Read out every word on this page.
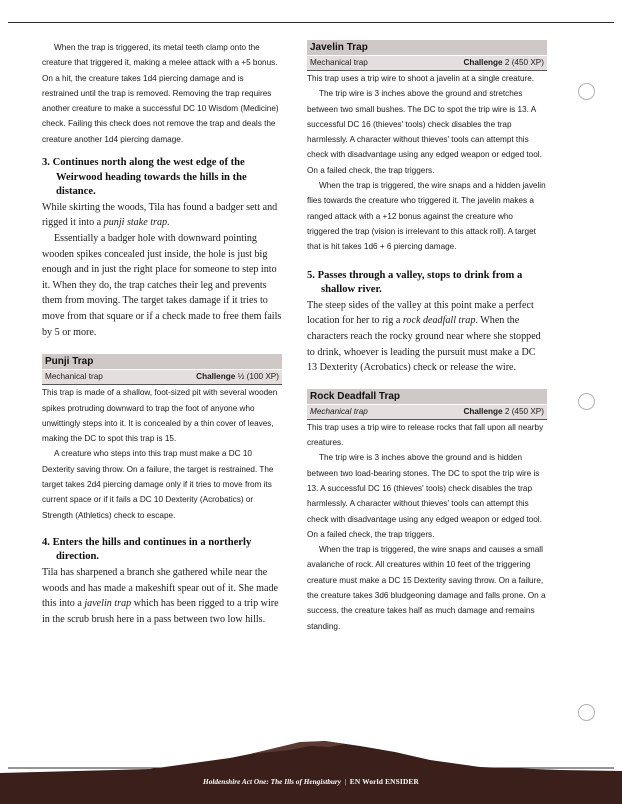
When the trap is triggered, its metal teeth clamp onto the creature that triggered it, making a melee attack with a +5 bonus. On a hit, the creature takes 1d4 piercing damage and is restrained until the trap is removed. Removing the trap requires another creature to make a successful DC 10 Wisdom (Medicine) check. Failing this check does not remove the trap and deals the creature another 1d4 piercing damage.

3. Continues north along the west edge of the Weirwood heading towards the hills in the distance.

While skirting the woods, Tila has found a badger sett and rigged it into a punji stake trap.

Essentially a badger hole with downward pointing wooden spikes concealed just inside, the hole is just big enough and in just the right place for someone to step into it. When they do, the trap catches their leg and prevents them from moving. The target takes damage if it tries to move from that square or if a check made to free them fails by 5 or more.

Punji Trap
Mechanical trap	Challenge ½ (100 XP)

This trap is made of a shallow, foot-sized pit with several wooden spikes protruding downward to trap the foot of anyone who unwittingly steps into it. It is concealed by a thin cover of leaves, making the DC to spot this trap is 15.

A creature who steps into this trap must make a DC 10 Dexterity saving throw. On a failure, the target is restrained. The target takes 2d4 piercing damage only if it tries to move from its current space or if it fails a DC 10 Dexterity (Acrobatics) or Strength (Athletics) check to escape.

4. Enters the hills and continues in a northerly direction.

Tila has sharpened a branch she gathered while near the woods and has made a makeshift spear out of it. She made this into a javelin trap which has been rigged to a trip wire in the scrub brush here in a pass between two low hills.

Javelin Trap
Mechanical trap	Challenge 2 (450 XP)

This trap uses a trip wire to shoot a javelin at a single creature.

The trip wire is 3 inches above the ground and stretches between two small bushes. The DC to spot the trip wire is 13. A successful DC 16 (thieves' tools) check disables the trap harmlessly. A character without thieves' tools can attempt this check with disadvantage using any edged weapon or edged tool. On a failed check, the trap triggers.

When the trap is triggered, the wire snaps and a hidden javelin flies towards the creature who triggered it. The javelin makes a ranged attack with a +12 bonus against the creature who triggered the trap (vision is irrelevant to this attack roll). A target that is hit takes 1d6 + 6 piercing damage.

5. Passes through a valley, stops to drink from a shallow river.

The steep sides of the valley at this point make a perfect location for her to rig a rock deadfall trap. When the characters reach the rocky ground near where she stopped to drink, whoever is leading the pursuit must make a DC 13 Dexterity (Acrobatics) check or release the wire.

Rock Deadfall Trap
Mechanical trap	Challenge 2 (450 XP)

This trap uses a trip wire to release rocks that fall upon all nearby creatures.

The trip wire is 3 inches above the ground and is hidden between two load-bearing stones. The DC to spot the trip wire is 13. A successful DC 16 (thieves' tools) check disables the trap harmlessly. A character without thieves' tools can attempt this check with disadvantage using any edged weapon or edged tool. On a failed check, the trap triggers.

When the trap is triggered, the wire snaps and causes a small avalanche of rock. All creatures within 10 feet of the triggering creature must make a DC 15 Dexterity saving throw. On a failure, the creature takes 3d6 bludgeoning damage and falls prone. On a success, the creature takes half as much damage and remains standing.

Holdenshire Act One: The Ills of Hengistbury | EN World ENSIDER
